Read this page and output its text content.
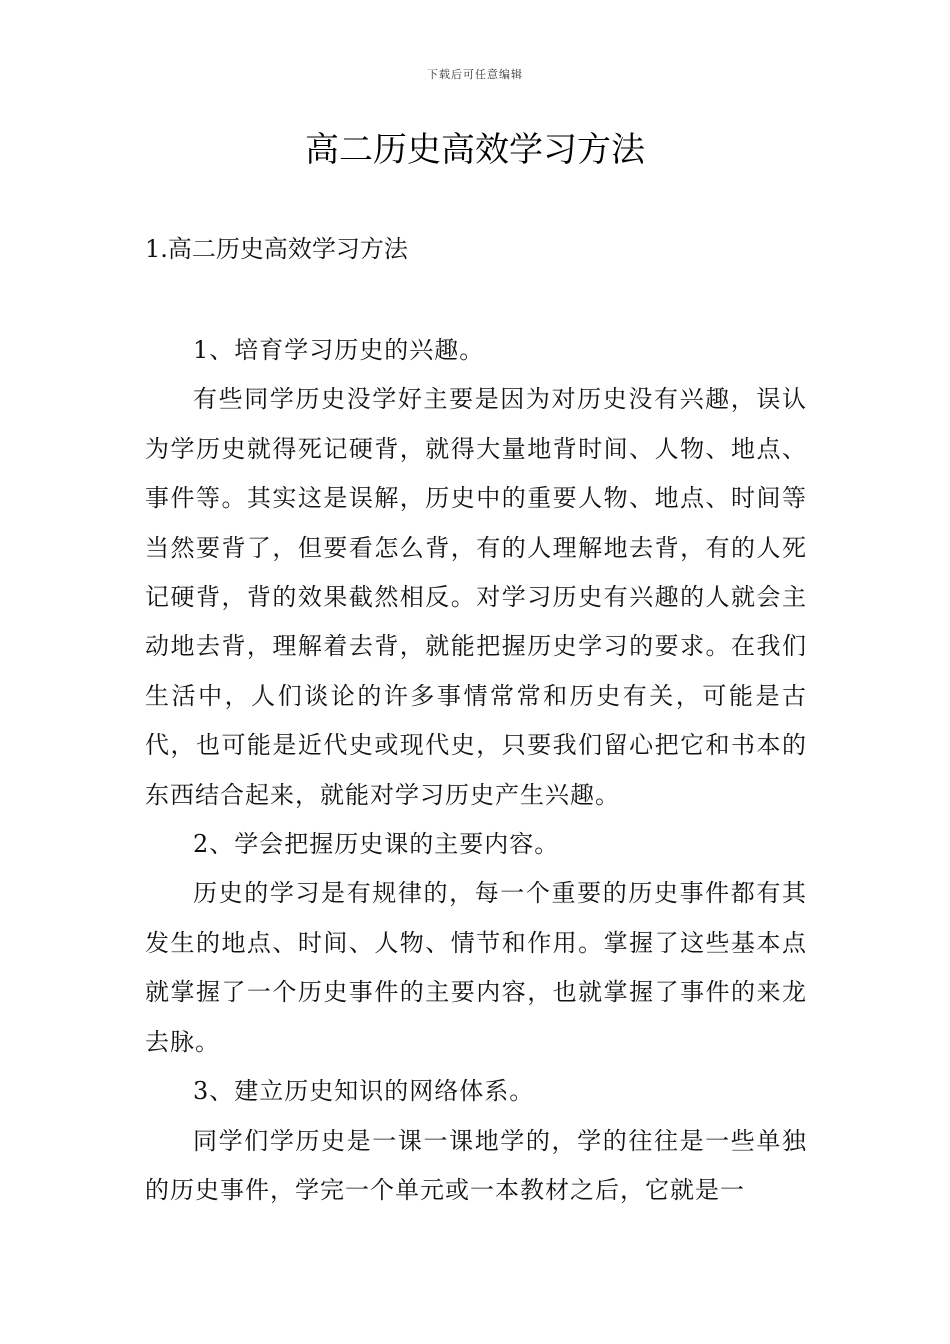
下载后可任意编辑
高二历史高效学习方法
1.高二历史高效学习方法

1、培育学习历史的兴趣。

有些同学历史没学好主要是因为对历史没有兴趣，误认为学历史就得死记硬背，就得大量地背时间、人物、地点、事件等。其实这是误解，历史中的重要人物、地点、时间等当然要背了，但要看怎么背，有的人理解地去背，有的人死记硬背，背的效果截然相反。对学习历史有兴趣的人就会主动地去背，理解着去背，就能把握历史学习的要求。在我们生活中，人们谈论的许多事情常常和历史有关，可能是古代，也可能是近代史或现代史，只要我们留心把它和书本的东西结合起来，就能对学习历史产生兴趣。

2、学会把握历史课的主要内容。

历史的学习是有规律的，每一个重要的历史事件都有其发生的地点、时间、人物、情节和作用。掌握了这些基本点就掌握了一个历史事件的主要内容，也就掌握了事件的来龙去脉。

3、建立历史知识的网络体系。

同学们学历史是一课一课地学的，学的往往是一些单独的历史事件，学完一个单元或一本教材之后，它就是一
